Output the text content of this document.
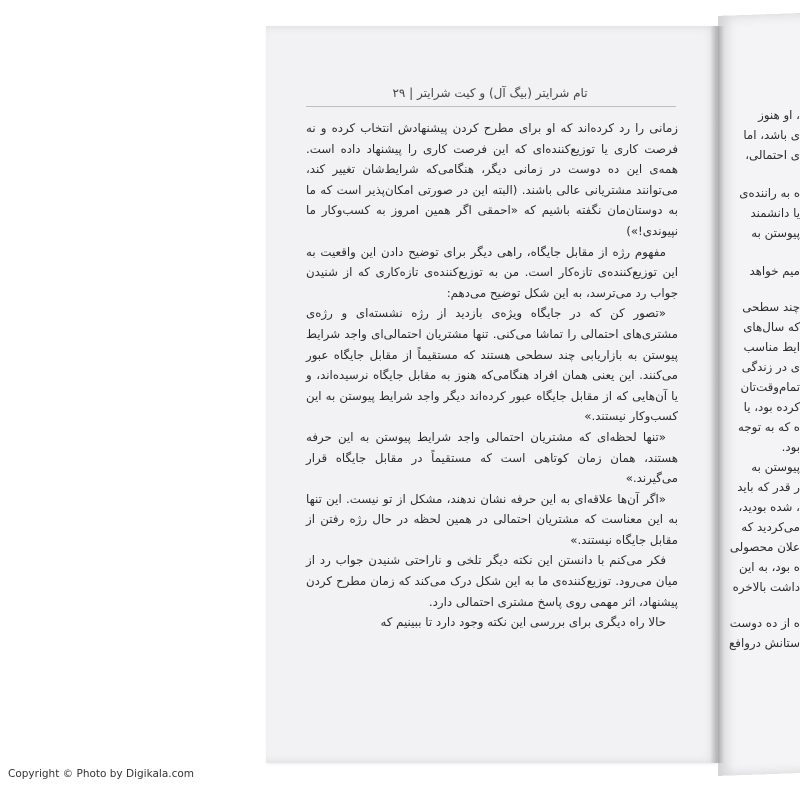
تام شرایتر (بیگ آل) و کیت شرایتر | ۲۹

زمانی را رد کرده‌اند که او برای مطرح کردن پیشنهادش انتخاب کرده و نه فرصت کاری یا توزیع‌کننده‌ای که این فرصت کاری را پیشنهاد داده است. همه‌ی این ده دوست در زمانی دیگر، هنگامی‌که شرایط‌شان تغییر کند، می‌توانند مشتریانی عالی باشند. (البته این در صورتی امکان‌پذیر است که ما به دوستان‌مان نگفته باشیم که «احمقی اگر همین امروز به کسب‌وکار ما نپیوندی!»)

مفهوم رژه از مقابل جایگاه، راهی دیگر برای توضیح دادن این واقعیت به این توزیع‌کننده‌ی تازه‌کار است. من به توزیع‌کننده‌ی تازه‌کاری که از شنیدن جواب رد می‌ترسد، به این شکل توضیح می‌دهم:

«تصور کن که در جایگاه ویژه‌ی بازدید از رژه نشسته‌ای و رژه‌ی مشتری‌های احتمالی را تماشا می‌کنی. تنها مشتریان احتمالی‌ای واجد شرایط پیوستن به بازاریابی چند سطحی هستند که مستقیماً از مقابل جایگاه عبور می‌کنند. این یعنی همان افراد هنگامی‌که هنوز به مقابل جایگاه نرسیده‌اند، و یا آن‌هایی که از مقابل جایگاه عبور کرده‌اند دیگر واجد شرایط پیوستن به این کسب‌وکار نیستند.»

«تنها لحظه‌ای که مشتریان احتمالی واجد شرایط پیوستن به این حرفه هستند، همان زمان کوتاهی است که مستقیماً در مقابل جایگاه قرار می‌گیرند.»

«اگر آن‌ها علاقه‌ای به این حرفه نشان ندهند، مشکل از تو نیست. این تنها به این معناست که مشتریان احتمالی در همین لحظه در حال رژه رفتن از مقابل جایگاه نیستند.»

فکر می‌کنم با دانستن این نکته دیگر تلخی و ناراحتی شنیدن جواب رد از میان می‌رود. توزیع‌کننده‌ی ما به این شکل درک می‌کند که زمان مطرح کردن پیشنهاد، اثر مهمی روی پاسخ مشتری احتمالی دارد.

حالا راه دیگری برای بررسی این نکته وجود دارد تا ببینیم که

، او هنوز
ی باشد، اما
ی احتمالی،
ه به راننده‌ی
یا دانشمند
پیوستن به
میم خواهد
چند سطحی
که سال‌های
ایط مناسب
ی در زندگی
تمام‌وقت‌تان
کرده بود، یا
ه که به توجه
بود.
پیوستن به
ر قدر که باید
، شده بودید،
می‌کردید که
علان محصولی
ه بود، به این
داشت بالاخره
ه از ده دوست
ستانش دروافع
Copyright © Photo by Digikala.com
